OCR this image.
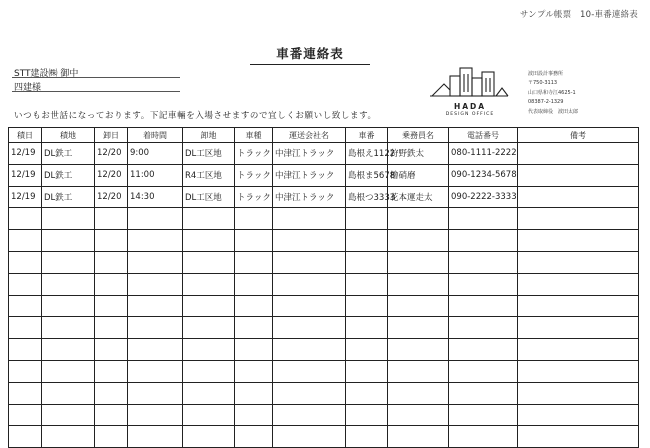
サンプル帳票　10-車番連絡表
車番連絡表
STT建設㈱ 御中
四建様
いつもお世話になっております。下記車輛を入場させますので宜しくお願いし致します。
HADA
DESIGN OFFICE
波田設計事務所
〒750-3113
山口県和寺江4625-1
08387-2-1329
代表取締役　波田太郎
積日	積地	卸日	着時間	卸地	車種	運送会社名	車番	乗務員名	電話番号	備考
12/19	DL鉄工	12/20	9:00	DL工区地	トラック	中津江トラック	島根え1122	狩野鉄太	080-1111-2222	
12/19	DL鉄工	12/20	11:00	R4工区地	トラック	中津江トラック	島根ま5678	檜硝磨	090-1234-5678	
12/19	DL鉄工	12/20	14:30	DL工区地	トラック	中津江トラック	島根つ3333	花本運走太	090-2222-3333	
